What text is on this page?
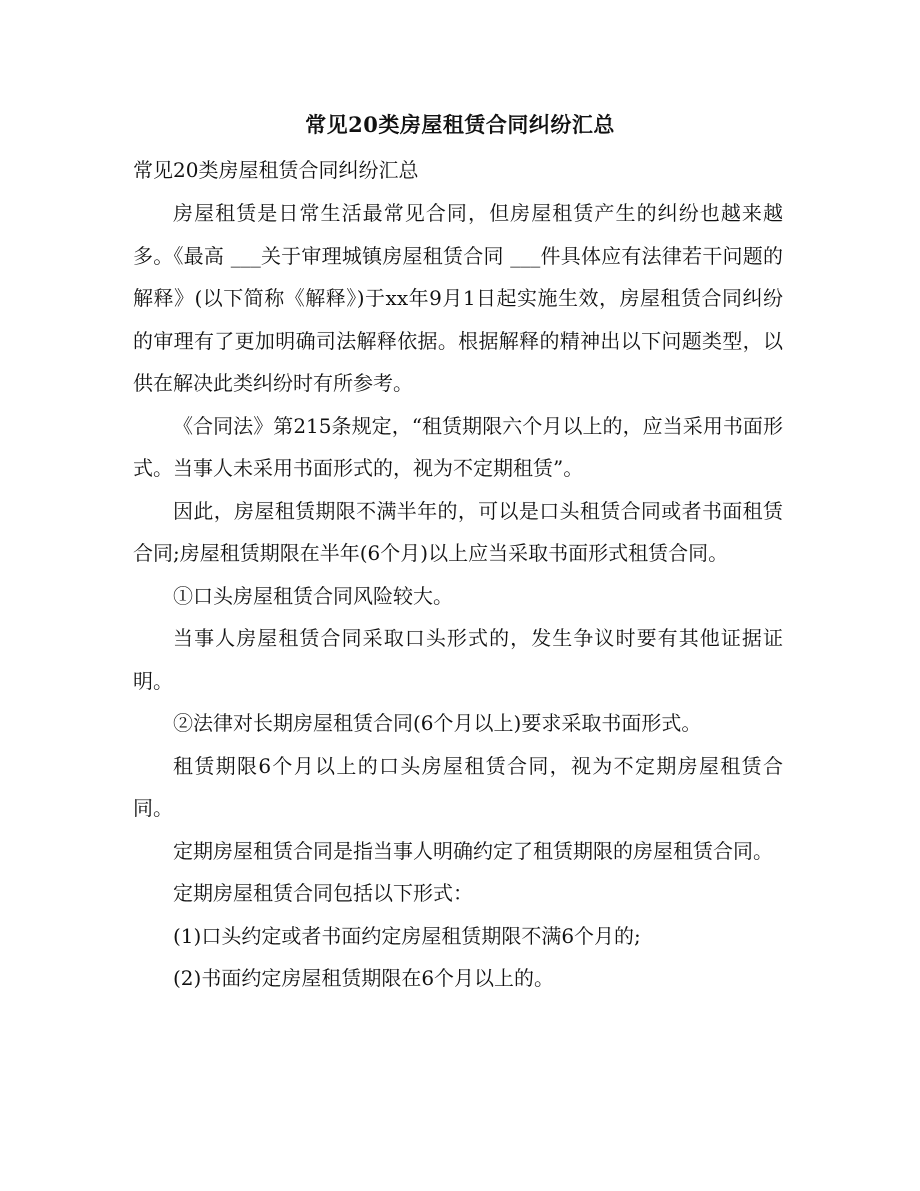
常见20类房屋租赁合同纠纷汇总
常见20类房屋租赁合同纠纷汇总

房屋租赁是日常生活最常见合同，但房屋租赁产生的纠纷也越来越多。《最高 ___关于审理城镇房屋租赁合同 ___件具体应有法律若干问题的解释》(以下简称《解释》)于xx年9月1日起实施生效，房屋租赁合同纠纷的审理有了更加明确司法解释依据。根据解释的精神出以下问题类型，以供在解决此类纠纷时有所参考。

《合同法》第215条规定，“租赁期限六个月以上的，应当采用书面形式。当事人未采用书面形式的，视为不定期租赁”。

因此，房屋租赁期限不满半年的，可以是口头租赁合同或者书面租赁合同;房屋租赁期限在半年(6个月)以上应当采取书面形式租赁合同。

①口头房屋租赁合同风险较大。

当事人房屋租赁合同采取口头形式的，发生争议时要有其他证据证明。

②法律对长期房屋租赁合同(6个月以上)要求采取书面形式。

租赁期限6个月以上的口头房屋租赁合同，视为不定期房屋租赁合同。

定期房屋租赁合同是指当事人明确约定了租赁期限的房屋租赁合同。

定期房屋租赁合同包括以下形式：

(1)口头约定或者书面约定房屋租赁期限不满6个月的;

(2)书面约定房屋租赁期限在6个月以上的。
